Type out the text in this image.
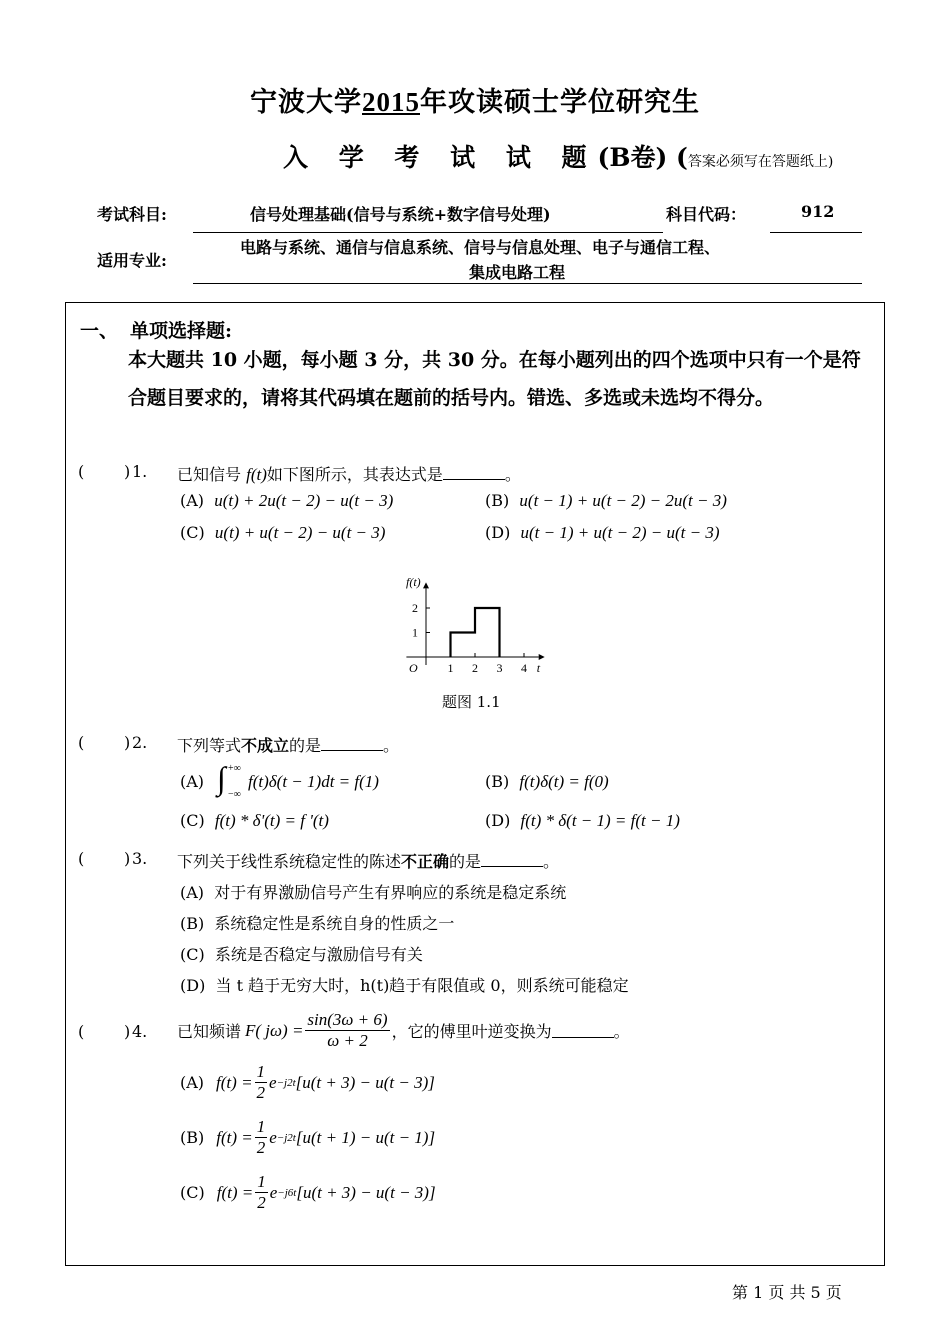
宁波大学2015年攻读硕士学位研究生
入 学 考 试 试 题(B卷) (答案必须写在答题纸上)
考试科目:	信号处理基础(信号与系统+数字信号处理)	科目代码：	912
适用专业:
电路与系统、通信与信息系统、信号与信息处理、电子与通信工程、
集成电路工程
一、 单项选择题:
本大题共 10 小题，每小题 3 分，共 30 分。在每小题列出的四个选项中只有一个是符合题目要求的，请将其代码填在题前的括号内。错选、多选或未选均不得分。
( ) 1. 已知信号 f(t)如下图所示，其表达式是	。
(A) u(t) + 2u(t − 2) − u(t − 3)	(B) u(t − 1) + u(t − 2) − 2u(t − 3)
(C) u(t) + u(t − 2) − u(t − 3)	(D) u(t − 1) + u(t − 2) − u(t − 3)
1 2 3 4
1
2
f(t)
t
O
题图 1.1
( ) 2. 下列等式不成立的是	。
(A) ∫ +∞
−∞
f(t)δ(t − 1)dt = f(1)	(B) f(t)δ(t) = f(0)
(C) f(t) * δ'(t) = f '(t)	(D) f(t) * δ(t − 1) = f(t − 1)
( ) 3. 下列关于线性系统稳定性的陈述不正确的是	。
(A) 对于有界激励信号产生有界响应的系统是稳定系统
(B) 系统稳定性是系统自身的性质之一
(C) 系统是否稳定与激励信号有关
(D) 当 t 趋于无穷大时，h(t)趋于有限值或 0，则系统可能稳定
( ) 4. 已知频谱 F( $j\omega) = \frac{\sin(3\omega + 6)}{\omega + 2}$ ，它的傅里叶逆变换为	。
(A) $f(t) = \frac{1}{2}$ e −j2t [u(t + 3) − u(t − 3)]
(B) $f(t) = \frac{1}{2}$ e −j2t [u(t + 1) − u(t − 1)]
(C) $f(t) = \frac{1}{2}$ e −j6t [u(t + 3) − u(t − 3)]
第 1 页 共 5 页
